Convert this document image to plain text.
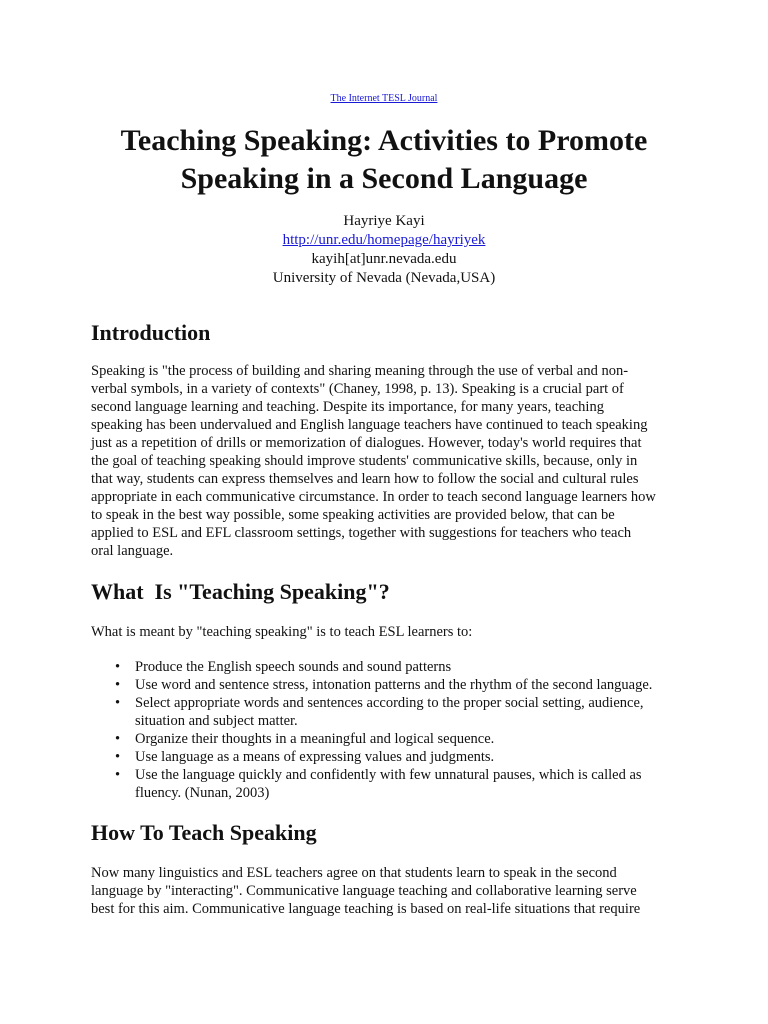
The Internet TESL Journal
Teaching Speaking: Activities to Promote
Speaking in a Second Language
Hayriye Kayi
http://unr.edu/homepage/hayriyek
kayih[at]unr.nevada.edu
University of Nevada (Nevada,USA)
Introduction
Speaking is "the process of building and sharing meaning through the use of verbal and non-
verbal symbols, in a variety of contexts" (Chaney, 1998, p. 13). Speaking is a crucial part of
second language learning and teaching. Despite its importance, for many years, teaching
speaking has been undervalued and English language teachers have continued to teach speaking
just as a repetition of drills or memorization of dialogues. However, today's world requires that
the goal of teaching speaking should improve students' communicative skills, because, only in
that way, students can express themselves and learn how to follow the social and cultural rules
appropriate in each communicative circumstance. In order to teach second language learners how
to speak in the best way possible, some speaking activities are provided below, that can be
applied to ESL and EFL classroom settings, together with suggestions for teachers who teach
oral language.
What  Is "Teaching Speaking"?
What is meant by "teaching speaking" is to teach ESL learners to:
• Produce the English speech sounds and sound patterns
• Use word and sentence stress, intonation patterns and the rhythm of the second language.
• Select appropriate words and sentences according to the proper social setting, audience,
situation and subject matter.
• Organize their thoughts in a meaningful and logical sequence.
• Use language as a means of expressing values and judgments.
• Use the language quickly and confidently with few unnatural pauses, which is called as
fluency. (Nunan, 2003)
How To Teach Speaking
Now many linguistics and ESL teachers agree on that students learn to speak in the second
language by "interacting". Communicative language teaching and collaborative learning serve
best for this aim. Communicative language teaching is based on real-life situations that require
